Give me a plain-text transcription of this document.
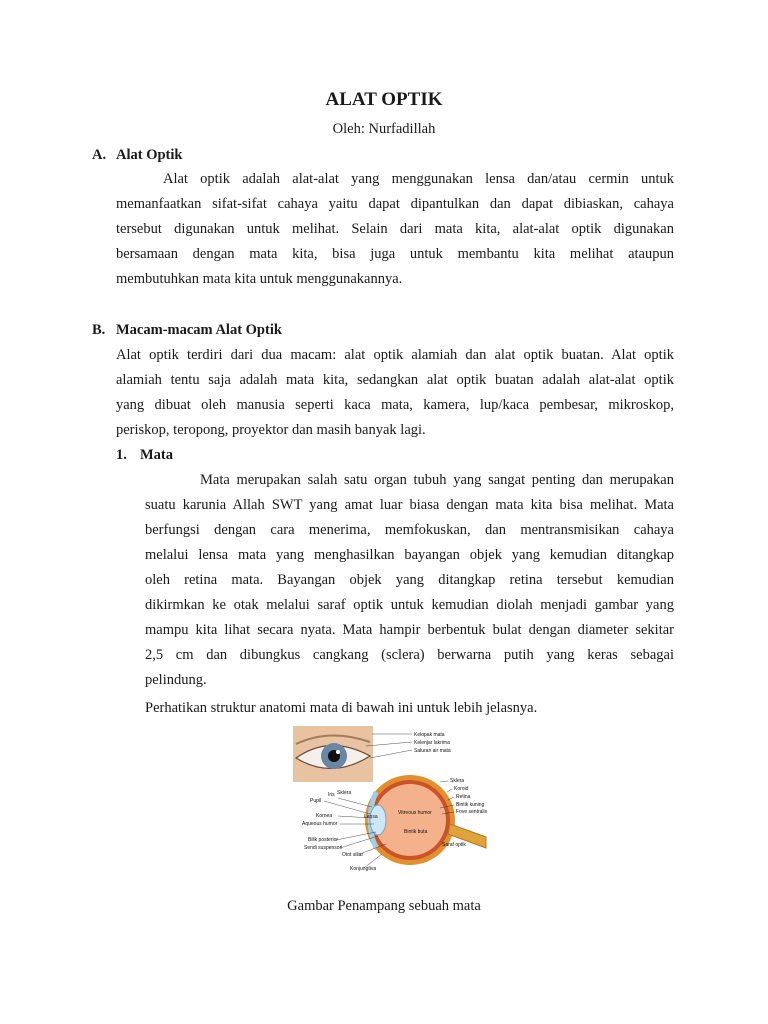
ALAT OPTIK
Oleh: Nurfadillah
A. Alat Optik
Alat optik adalah alat-alat yang menggunakan lensa dan/atau cermin untuk
memanfaatkan sifat-sifat cahaya yaitu dapat dipantulkan dan dapat dibiaskan, cahaya
tersebut digunakan untuk melihat. Selain dari mata kita, alat-alat optik digunakan
bersamaan dengan mata kita, bisa juga untuk membantu kita melihat ataupun
membutuhkan mata kita untuk menggunakannya.
B. Macam-macam Alat Optik
Alat optik terdiri dari dua macam: alat optik alamiah dan alat optik buatan. Alat optik
alamiah tentu saja adalah mata kita, sedangkan alat optik buatan adalah alat-alat optik
yang dibuat oleh manusia seperti kaca mata, kamera, lup/kaca pembesar, mikroskop,
periskop, teropong, proyektor dan masih banyak lagi.
1. Mata
Mata merupakan salah satu organ tubuh yang sangat penting dan merupakan
suatu karunia Allah SWT yang amat luar biasa dengan mata kita bisa melihat. Mata
berfungsi dengan cara menerima, memfokuskan, dan mentransmisikan cahaya
melalui lensa mata yang menghasilkan bayangan objek yang kemudian ditangkap
oleh retina mata. Bayangan objek yang ditangkap retina tersebut kemudian
dikirmkan ke otak melalui saraf optik untuk kemudian diolah menjadi gambar yang
mampu kita lihat secara nyata. Mata hampir berbentuk bulat dengan diameter sekitar
2,5 cm dan dibungkus cangkang (sclera) berwarna putih yang keras sebagai
pelindung.
Perhatikan struktur anatomi mata di bawah ini untuk lebih jelasnya.
Kelopak mata
Kelenjar lakrima
Saluran air mata
Sklera
Koroid
Retina
Bintik kuning
Fove sentralis
Pupil
Iris
Kornea
Aqueous humor
Bilik posterior
Sendi suspensori
Sklera
Lensa
Vitreous humor
Bintik buta
Saraf optik
Otot siliar
Konjungtiva
Gambar Penampang sebuah mata
